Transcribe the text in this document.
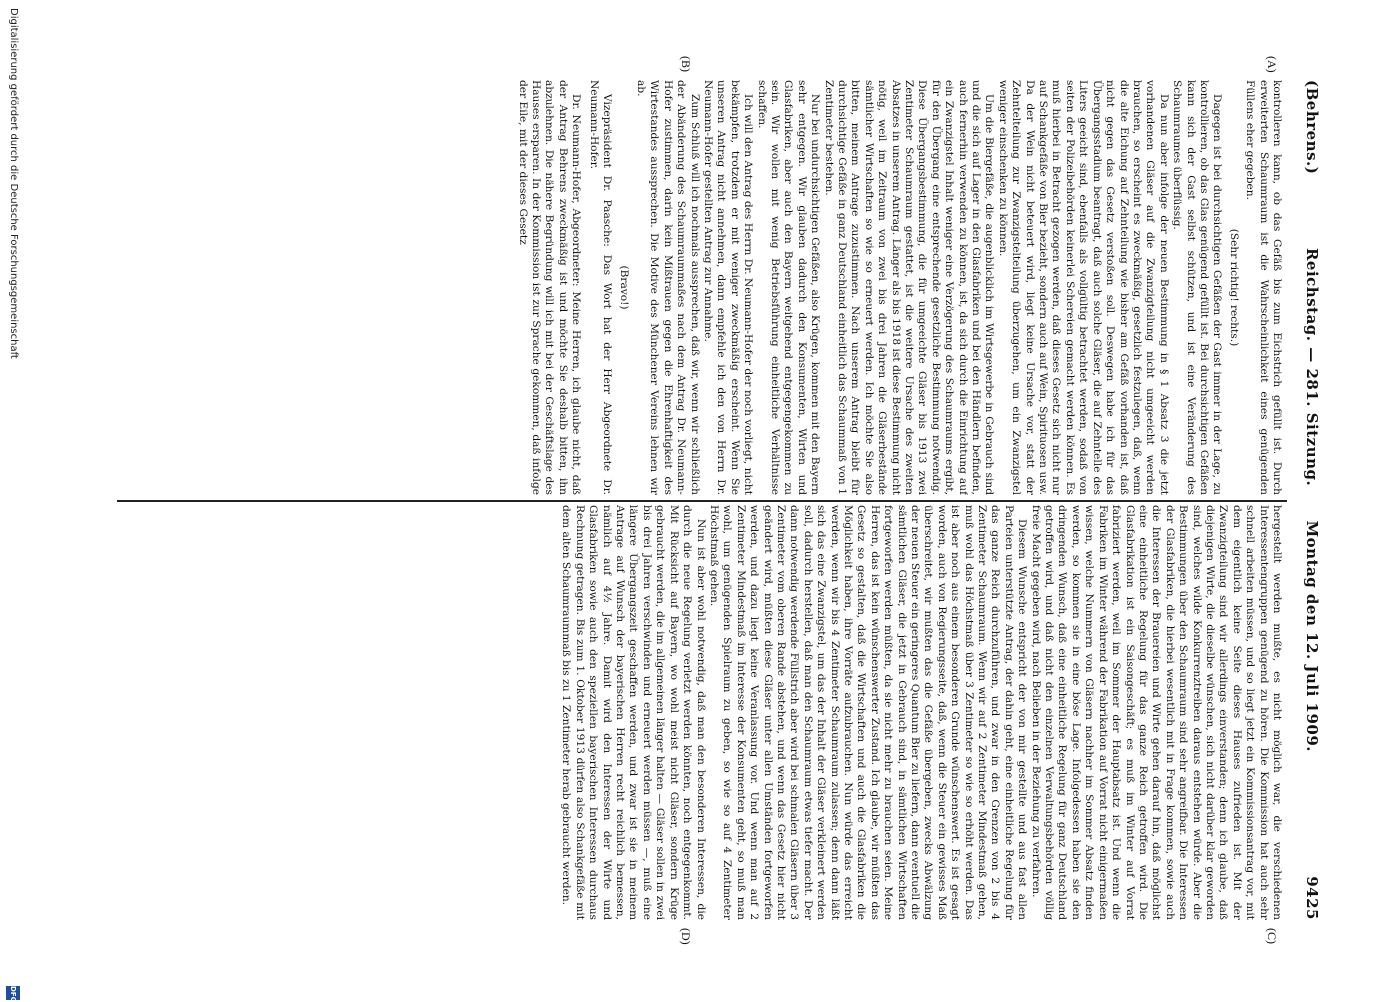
(Behrens.)
Reichstag. — 281. Sitzung.      Montag den 12. Juli 1909.
9425
(A)
(B)
(C)
(D)

kontrolleren kann, ob das Gefäß bis zum Eichstrich gefüllt ist. Durch erweiterten Schaumraum ist die Wahrscheinlichkeit eines genügenden Füllens eher gegeben.

(Sehr richtig! rechts.)

Dagegen ist bei durchsichtigen Gefäßen der Gast immer in der Lage, zu kontrollieren, ob das Glas genügend gefüllt ist. Bei durchsichtigen Gefäßen kann sich der Gast selbst schützen, und ist eine Veränderung des Schaumraumes überflüssig.

Da nun aber infolge der neuen Bestimmung in § 1 Absatz 3 die jetzt vorhandenen Gläser auf die Zwanzigteilung nicht umgeeicht werden brauchen, so erscheint es zweckmäßig, gesetzlich festzulegen, daß, wenn die alte Eichung auf Zehnteilung wie bisher am Gefäß vorhanden ist, daß nicht gegen das Gesetz verstoßen soll. Deswegen habe ich für das Übergangsstadium beantragt, daß auch solche Gläser, die auf Zehntelle des Liters geeicht sind, ebenfalls als vollgültig betrachtet werden, sodaß von seiten der Polizeibehörden keinerlei Schereien gemacht werden können. Es muß hierbei in Betracht gezogen werden, daß dieses Gesetz sich nicht nur auf Schankgefäße von Bier bezieht, sondern auch auf Wein, Spirituosen usw. Da der Wein nicht beteuert wird, liegt keine Ursache vor, statt der Zehntelteilung zur Zwanzigstelteilung überzugehen, um ein Zwanzigstel weniger einschenken zu können.

Um die Biergefäße, die augenblicklich im Wirtsgewerbe in Gebrauch sind und die sich auf Lager in den Glasfabriken und bei den Händlern befinden, auch fernerhin verwenden zu können, ist, da sich durch die Einrichtung auf ein Zwanzigstel Inhalt weniger eine Verzögerung des Schaumraums ergibt, für den Übergang eine entsprechende gesetzliche Bestimmung notwendig. Diese Übergangsbestimmung, die für umgeeichte Gläser bis 1913 zwei Zentimeter Schaumraum gestattet, ist die weitere Ursache des zweiten Absatzes in unserem Antrag. Länger als bis 1918 ist diese Bestimmung nicht nötig, weil im Zeitraum von zwei bis drei Jahren die Gläserbestände sämtlicher Wirtschaften so wie so erneuert werden. Ich möchte Sie also bitten, meinem Antrage zuzustimmen. Nach unserem Antrag bleibt für durchsichtige Gefäße in ganz Deutschland einheitlich das Schaummaß von 1 Zentimeter bestehen.

Nur bei undurchsichtigen Gefäßen, also Krügen, kommen mit den Bayern sehr entgegen. Wir glauben dadurch den Konsumenten, Wirten und Glasfabriken, aber auch den Bayern weitgehend entgegengekommen zu sein. Wir wollen mit wenig Betriebsführung einheitliche Verhältnisse schaffen.

Ich will den Antrag des Herrn Dr. Neumann-Hofer der noch vorliegt, nicht bekämpfen, trotzdem er mit weniger zweckmäßig erscheint. Wenn Sie unseren Antrag nicht annehmen, dann empfehle ich den von Herrn Dr. Neumann-Hofer gestellten Antrag zur Annahme.

Zum Schluß will ich nochmals aussprechen, daß wir, wenn wir schließlich der Abänderung des Schaumraummaßes nach dem Antrag Dr. Neumann-Hofer zustimmen, darin kein Mißtrauen gegen die Ehrenhaftigkeit des Wirtestandes aussprechen. Die Motive des Münchener Vereins lehnen wir ab.

(Bravo!)

Vizepräsident Dr. Paasche: Das Wort hat der Herr Abgeordnete Dr. Neumann-Hofer.

Dr. Neumann-Hofer, Abgeordneter: Meine Herren, ich glaube nicht, daß der Antrag Behrens zweckmäßig ist und möchte Sie deshalb bitten, ihn abzulehnen. Die nähere Begründung will ich mit bei der Geschäftslage des Hauses ersparen. In der Kommission ist zur Sprache gekommen, daß infolge der Eile, mit der dieses Gesetz

hergestellt werden mußte, es nicht möglich war, die verschiedenen Interessentengruppen genügend zu hören. Die Kommission hat auch sehr schnell arbeiten müssen, und so liegt jetzt ein Kommissionsantrag vor, mit dem eigentlich keine Seite dieses Hauses zufrieden ist. Mit der Zwanzigteilung sind wir allerdings einverstanden; denn ich glaube, daß diejenigen Wirte, die dieselbe wünschen, sich nicht darüber klar geworden sind, welches wilde Konkurrenztreiben daraus entstehen würde. Aber die Bestimmungen über den Schaumraum sind sehr angreifbar. Die Interessen der Glasfabriken, die hierbei wesentlich mit in Frage kommen, sowie auch die Interessen der Brauereien und Wirte gehen darauf hin, daß möglichst eine einheitliche Regelung für das ganze Reich getroffen wird. Die Glasfabrikation ist ein Saisongeschäft; es muß im Winter auf Vorrat fabriziert werden, weil im Sommer der Hauptabsatz ist. Und wenn die Fabriken im Winter während der Fabrikation auf Vorrat nicht einigermaßen wissen, welche Nummern von Gläsern nachher im Sommer Absatz finden werden, so kommen sie in eine böse Lage. Infolgedessen haben sie den dringenden Wunsch, daß eine einheitliche Regelung für ganz Deutschland getroffen wird, und daß nicht den einzelnen Verwaltungsbehörden völlig freie Macht gegeben wird, nach Belieben in der Beziehung zu verfahren.

Diesem Wunsche entspricht der von mir gestellte und aus fast allen Parteien unterstützte Antrag, der dahin geht, eine einheitliche Regelung für das ganze Reich durchzuführen, und zwar in den Grenzen von 2 bis 4 Zentimeter Schaumraum. Wenn wir auf 2 Zentimeter Mindestmaß gehen, muß wohl das Höchstmaß über 3 Zentimeter so wie so erhöht werden. Das ist aber noch aus einem besonderen Grunde wünschenswert. Es ist gesagt worden, auch von Regierungsseite, daß, wenn die Steuer ein gewisses Maß überschreitet, wir mußten das die Gefäße übergeben, zwecks Abwälzung der neuen Steuer ein geringeres Quantum Bier zu liefern, dann eventuell die sämtlichen Gläser, die jetzt in Gebrauch sind, in sämtlichen Wirtschaften fortgeworfen werden müßten, da sie nicht mehr zu brauchen seien. Meine Herren, das ist kein wünschenswerter Zustand. Ich glaube, wir müßten das Gesetz so gestalten, daß die Wirtschaften und auch die Glasfabriken die Möglichkeit haben, ihre Vorräte aufzubrauchen. Nun würde das erreicht werden, wenn wir bis 4 Zentimeter Schaumraum zulassen; denn dann läßt sich das eine Zwanzigstel, um das der Inhalt der Gläser verkleinert werden soll, dadurch herstellen, daß man den Schaumraum etwas tiefer macht. Der dann notwendig werdende Füllstrich aber wird bei schmalen Gläsern über 3 Zentimeter vom oberen Rande abstehen, und wenn das Gesetz hier nicht geändert wird, müßten diese Gläser unter allen Umständen fortgeworfen werden, und dazu liegt keine Veranlassung vor. Und wenn man auf 2 Zentimeter Mindestmaß im Interesse der Konsumenten geht, so muß man wohl, um genügenden Spielraum zu geben, so wie so auf 4 Zentimeter Höchstmaß gehen.

Nun ist aber wohl notwendig, daß man den besonderen Interessen, die durch die neue Regelung verletzt werden könnten, noch entgegenkommt. Mit Rücksicht auf Bayern, wo wohl meist nicht Gläser, sondern Krüge gebraucht werden, die im allgemeinen länger halten — Gläser sollen in zwei bis drei Jahren verschwinden und erneuert werden müssen —, muß eine längere Übergangszeit geschaffen werden, und zwar ist sie in meinem Antrage auf Wunsch der bayerischen Herren recht reichlich bemessen, nämlich auf 4½ Jahre. Damit wird den Interessen der Wirte und Glasfabriken sowie auch den speziellen bayerischen Interessen durchaus Rechnung getragen. Bis zum 1. Oktober 1913 dürfen also Schankgefäße mit dem alten Schaumraummaß bis zu 1 Zentimeter herab gebraucht werden.

Digitalisierung gefördert durch die Deutsche Forschungsgemeinschaft
DFG
